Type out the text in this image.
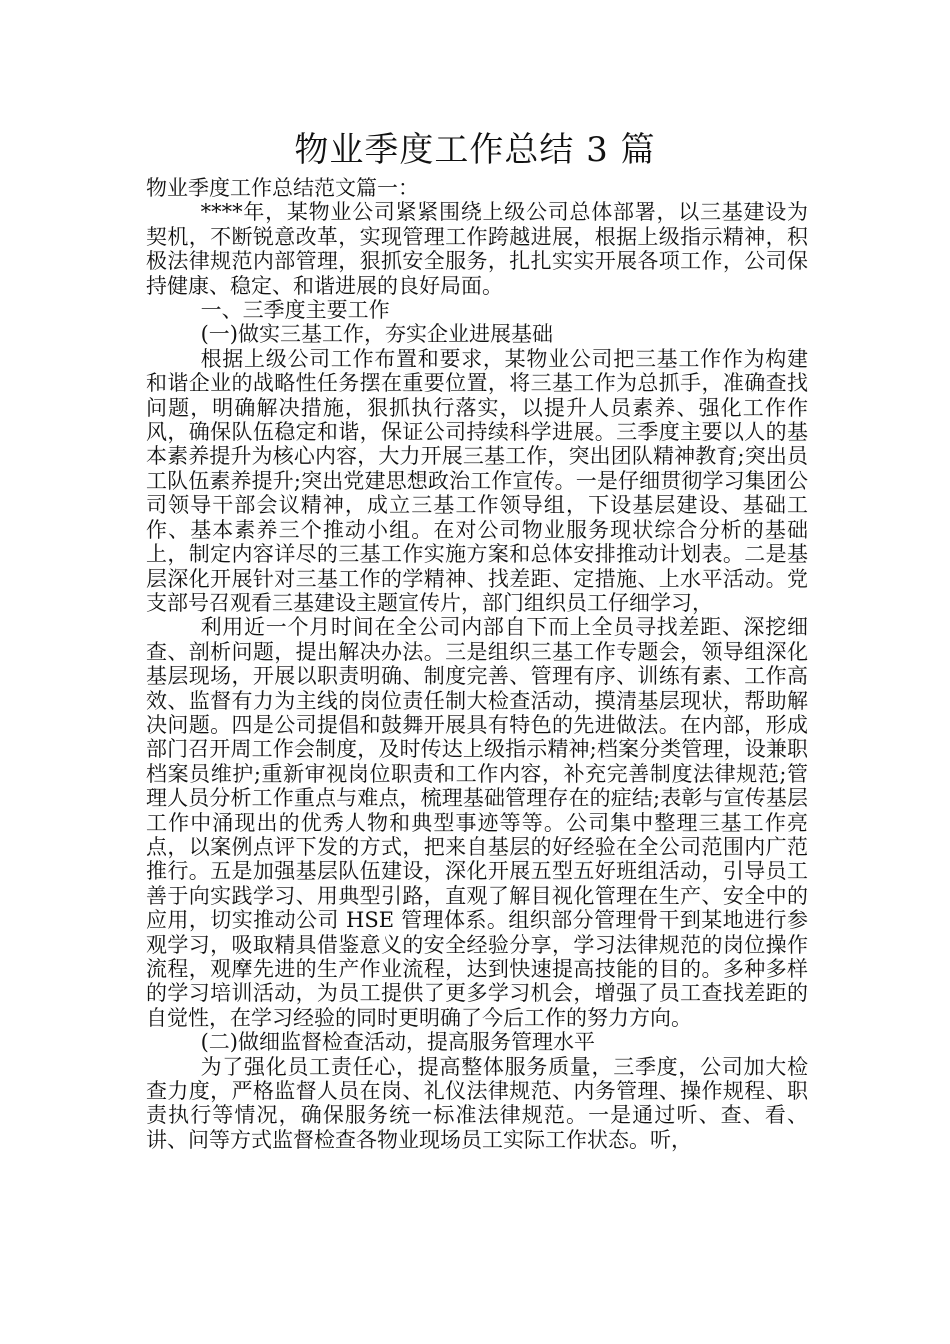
物业季度工作总结 3 篇

物业季度工作总结范文篇一：

****年，某物业公司紧紧围绕上级公司总体部署，以三基建设为契机，不断锐意改革，实现管理工作跨越进展，根据上级指示精神，积极法律规范内部管理，狠抓安全服务，扎扎实实开展各项工作，公司保持健康、稳定、和谐进展的良好局面。

一、三季度主要工作

(一)做实三基工作，夯实企业进展基础

根据上级公司工作布置和要求，某物业公司把三基工作作为构建和谐企业的战略性任务摆在重要位置，将三基工作为总抓手，准确查找问题，明确解决措施，狠抓执行落实，以提升人员素养、强化工作作风，确保队伍稳定和谐，保证公司持续科学进展。三季度主要以人的基本素养提升为核心内容，大力开展三基工作，突出团队精神教育;突出员工队伍素养提升;突出党建思想政治工作宣传。一是仔细贯彻学习集团公司领导干部会议精神，成立三基工作领导组，下设基层建设、基础工作、基本素养三个推动小组。在对公司物业服务现状综合分析的基础上，制定内容详尽的三基工作实施方案和总体安排推动计划表。二是基层深化开展针对三基工作的学精神、找差距、定措施、上水平活动。党支部号召观看三基建设主题宣传片，部门组织员工仔细学习，

利用近一个月时间在全公司内部自下而上全员寻找差距、深挖细查、剖析问题，提出解决办法。三是组织三基工作专题会，领导组深化基层现场，开展以职责明确、制度完善、管理有序、训练有素、工作高效、监督有力为主线的岗位责任制大检查活动，摸清基层现状，帮助解决问题。四是公司提倡和鼓舞开展具有特色的先进做法。在内部，形成部门召开周工作会制度，及时传达上级指示精神;档案分类管理，设兼职档案员维护;重新审视岗位职责和工作内容，补充完善制度法律规范;管理人员分析工作重点与难点，梳理基础管理存在的症结;表彰与宣传基层工作中涌现出的优秀人物和典型事迹等等。公司集中整理三基工作亮点，以案例点评下发的方式，把来自基层的好经验在全公司范围内广范推行。五是加强基层队伍建设，深化开展五型五好班组活动，引导员工善于向实践学习、用典型引路，直观了解目视化管理在生产、安全中的应用，切实推动公司 HSE 管理体系。组织部分管理骨干到某地进行参观学习，吸取精具借鉴意义的安全经验分享，学习法律规范的岗位操作流程，观摩先进的生产作业流程，达到快速提高技能的目的。多种多样的学习培训活动，为员工提供了更多学习机会，增强了员工查找差距的自觉性，在学习经验的同时更明确了今后工作的努力方向。

(二)做细监督检查活动，提高服务管理水平

为了强化员工责任心，提高整体服务质量，三季度，公司加大检查力度，严格监督人员在岗、礼仪法律规范、内务管理、操作规程、职责执行等情况，确保服务统一标准法律规范。一是通过听、查、看、讲、问等方式监督检查各物业现场员工实际工作状态。听，
